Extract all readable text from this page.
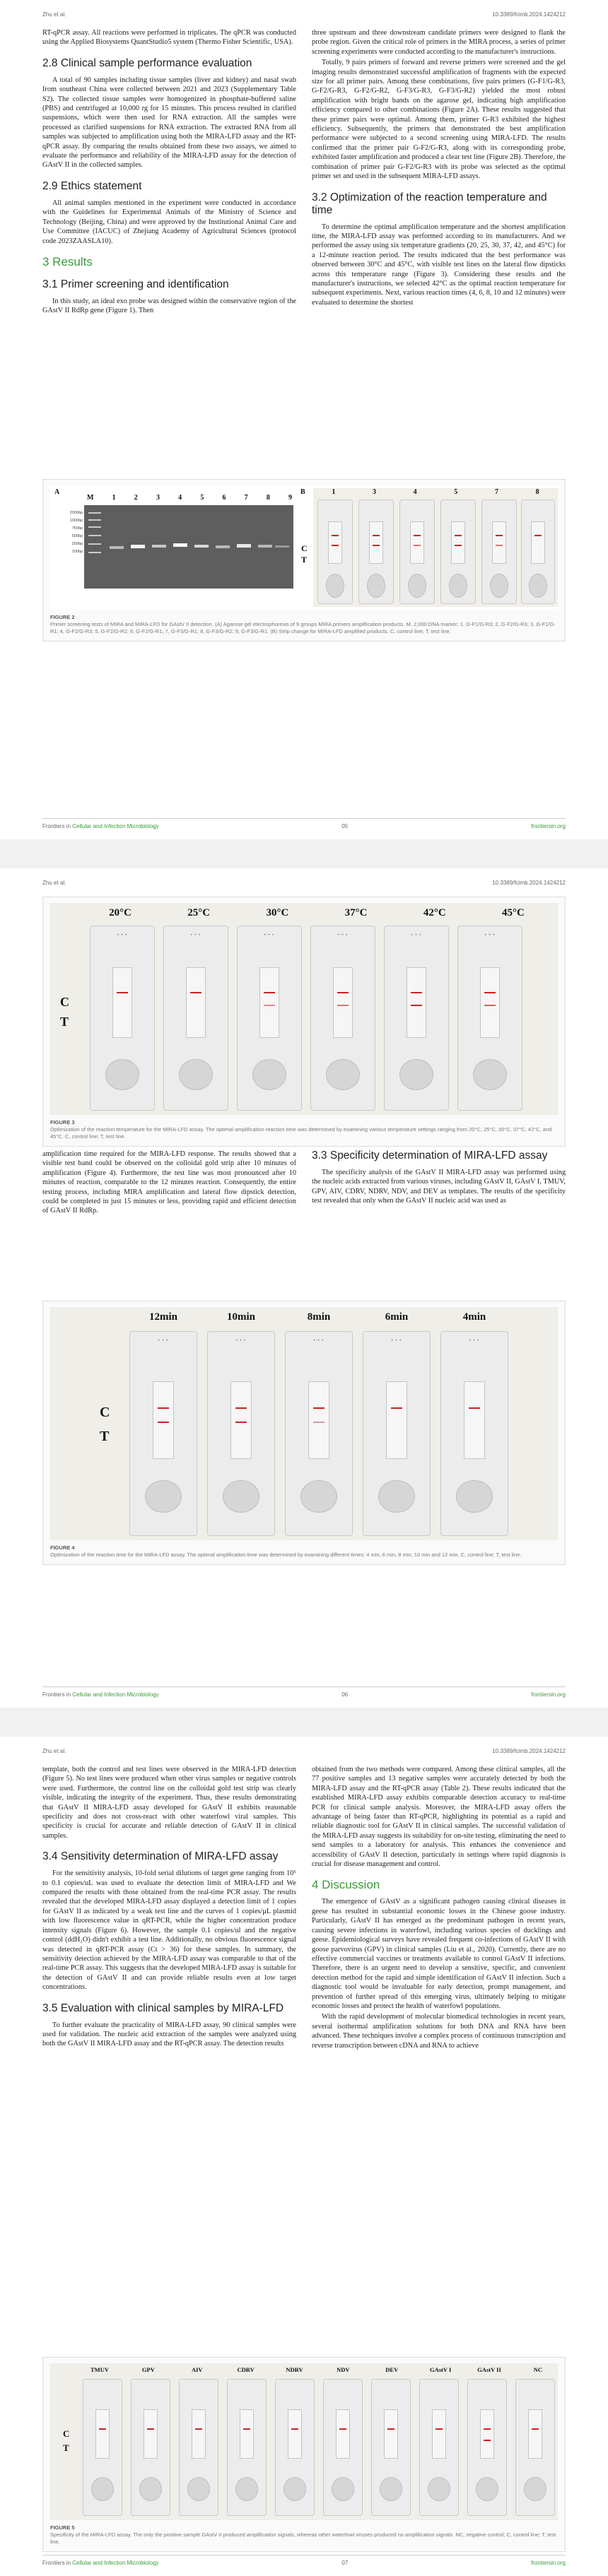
Zhu et al.	10.3389/fcimb.2024.1424212

RT-qPCR assay. All reactions were performed in triplicates. The qPCR was conducted using the Applied Biosystems QuantStudio5 system (Thermo Fisher Scientific, USA).

2.8 Clinical sample performance evaluation

A total of 90 samples including tissue samples (liver and kidney) and nasal swab from southeast China were collected between 2021 and 2023 (Supplementary Table S2). The collected tissue samples were homogenized in phosphate-buffered saline (PBS) and centrifuged at 10,000 rg for 15 minutes. This process resulted in clarified suspensions, which were then used for RNA extraction. All the samples were processed as clarified suspensions for RNA extraction. The extracted RNA from all samples was subjected to amplification using both the MIRA-LFD assay and the RT-qPCR assay. By comparing the results obtained from these two assays, we aimed to evaluate the performance and reliability of the MIRA-LFD assay for the detection of GAstV II in the collected samples.

2.9 Ethics statement

All animal samples mentioned in the experiment were conducted in accordance with the Guidelines for Experimental Animals of the Ministry of Science and Technology (Beijing, China) and were approved by the Institutional Animal Care and Use Committee (IACUC) of Zhejiang Academy of Agricultural Sciences (protocol code 2023ZAASLA10).

3 Results
3.1 Primer screening and identification

In this study, an ideal exo probe was designed within the conservative region of the GAstV II RdRp gene (Figure 1). Then

three upstream and three downstream candidate primers were designed to flank the probe region. Given the critical role of primers in the MIRA process, a series of primer screening experiments were conducted according to the manufacturer's instructions.

Totally, 9 pairs primers of forward and reverse primers were screened and the gel imaging results demonstrated successful amplification of fragments with the expected size for all primer pairs. Among these combinations, five pairs primers (G-F1/G-R3, G-F2/G-R3, G-F2/G-R2, G-F3/G-R3, G-F3/G-R2) yielded the most robust amplification with bright bands on the agarose gel, indicating high amplification efficiency compared to other combinations (Figure 2A). These results suggested that these primer pairs were optimal. Among them, primer G-R3 exhibited the highest efficiency. Subsequently, the primers that demonstrated the best amplification performance were subjected to a second screening using MIRA-LFD. The results confirmed that the primer pair G-F2/G-R3, along with its corresponding probe, exhibited faster amplification and produced a clear test line (Figure 2B). Therefore, the combination of primer pair G-F2/G-R3 with its probe was selected as the optimal primer set and used in the subsequent MIRA-LFD assays.

3.2 Optimization of the reaction temperature and time

To determine the optimal amplification temperature and the shortest amplification time, the MIRA-LFD assay was performed according to its manufacturers. And we performed the assay using six temperature gradients (20, 25, 30, 37, 42, and 45°C) for a 12-minute reaction period. The results indicated that the best performance was observed between 30°C and 45°C, with visible test lines on the lateral flow dipsticks across this temperature range (Figure 3). Considering these results and the manufacturer's instructions, we selected 42°C as the optimal reaction temperature for subsequent experiments. Next, various reaction times (4, 6, 8, 10 and 12 minutes) were evaluated to determine the shortest

A	B
M	1	2	3	4	5	6	7	8	9
2000bp
1000bp
750bp
500bp
250bp
100bp	C
T
1	3	4	5	7	8
FIGURE 2
Primer screening tests of MIRA and MIRA-LFD for GAstV II detection. (A) Agarose gel electrophoresis of 9 groups MIRA primers amplification products. M, 2,000 DNA marker; 1, G-F1/G-R3; 2, G-F2/G-R3; 3, G-F1/G-R1; 4, G-F2/G-R3; 5, G-F2/G-R2; 6, G-F2/G-R1; 7, G-F3/G-R1; 8, G-F3/G-R2; 9, G-F3/G-R1. (B) Strip change for MIRA-LFD amplified products. C, control line; T, test line.
Frontiers in Cellular and Infection Microbiology	05	frontiersin.org
Zhu et al.	10.3389/fcimb.2024.1424212
C
T
20°C	25°C	30°C	37°C	42°C	45°C
• • •	• • •	• • •	• • •	• • •	• • •
FIGURE 3
Optimization of the reaction temperature for the MIRA-LFD assay. The optimal amplification reaction time was determined by examining various temperature settings ranging from 20°C, 25°C, 30°C, 37°C, 42°C, and 45°C. C, control line; T, test line.

amplification time required for the MIRA-LFD response. The results showed that a visible test band could be observed on the colloidal gold strip after 10 minutes of amplification (Figure 4). Furthermore, the test line was most pronounced after 10 minutes of reaction, comparable to the 12 minutes reaction. Consequently, the entire testing process, including MIRA amplification and lateral flow dipstick detection, could be completed in just 15 minutes or less, providing rapid and efficient detection of GAstV II RdRp.

3.3 Specificity determination of MIRA-LFD assay

The specificity analysis of the GAstV II MIRA-LFD assay was performed using the nucleic acids extracted from various viruses, including GAstV II, GAstV I, TMUV, GPV, AIV, CDRV, NDRV, NDV, and DEV as templates. The results of the specificity test revealed that only when the GAstV II nucleic acid was used as

C
T
12min	10min	8min	6min	4min
• • •	• • •	• • •	• • •	• • •
FIGURE 4
Optimization of the reaction time for the MIRA-LFD assay. The optimal amplification time was determined by examining different times: 4 min, 6 min, 8 min, 10 min and 12 min. C, control line; T, test line.
Frontiers in Cellular and Infection Microbiology	06	frontiersin.org
Zhu et al.	10.3389/fcimb.2024.1424212

template, both the control and test lines were observed in the MIRA-LFD detection (Figure 5). No test lines were produced when other virus samples or negative controls were used. Furthermore, the control line on the colloidal gold test strip was clearly visible, indicating the integrity of the experiment. Thus, these results demonstrating that GAstV II MIRA-LFD assay developed for GAstV II exhibits reasonable specificity and does not cross-react with other waterfowl viral samples. This specificity is crucial for accurate and reliable detection of GAstV II in clinical samples.

3.4 Sensitivity determination of MIRA-LFD assay

For the sensitivity analysis, 10-fold serial dilutions of target gene ranging from 10⁶ to 0.1 copies/uL was used to evaluate the detection limit of MIRA-LFD and We compared the results with those obtained from the real-time PCR assay. The results revealed that the developed MIRA-LFD assay displayed a detection limit of 1 copies for GAstV II as indicated by a weak test line and the curves of 1 copies/μL plasmid with low fluorescence value in qRT-PCR, while the higher concentration produce intensity signals (Figure 6). However, the sample 0.1 copies/ul and the negative control (ddH₂O) didn't exhibit a test line. Additionally, no obvious fluorescence signal was detected in qRT-PCR assay (Ct > 36) for these samples. In summary, the sensitivity detection achieved by the MIRA-LFD assay was comparable to that of the real-time PCR assay. This suggests that the developed MIRA-LFD assay is suitable for the detection of GAstV II and can provide reliable results even at low target concentrations.

3.5 Evaluation with clinical samples by MIRA-LFD

To further evaluate the practicality of MIRA-LFD assay, 90 clinical samples were used for validation. The nucleic acid extraction of the samples were analyzed using both the GAstV II MIRA-LFD assay and the RT-qPCR assay. The detection results

obtained from the two methods were compared. Among these clinical samples, all the 77 positive samples and 13 negative samples were accurately detected by both the MIRA-LFD assay and the RT-qPCR assay (Table 2). These results indicated that the established MIRA-LFD assay exhibits comparable detection accuracy to real-time PCR for clinical sample analysis. Moreover, the MIRA-LFD assay offers the advantage of being faster than RT-qPCR, highlighting its potential as a rapid and reliable diagnostic tool for GAstV II in clinical samples. The successful validation of the MIRA-LFD assay suggests its suitability for on-site testing, eliminating the need to send samples to a laboratory for analysis. This enhances the convenience and accessibility of GAstV II detection, particularly in settings where rapid diagnosis is crucial for disease management and control.

4 Discussion

The emergence of GAstV as a significant pathogen causing clinical diseases in geese has resulted in substantial economic losses in the Chinese goose industry. Particularly, GAstV II has emerged as the predominant pathogen in recent years, causing severe infections in waterfowl, including various species of ducklings and geese. Epidemiological surveys have revealed frequent co-infections of GAstV II with goose parvovirus (GPV) in clinical samples (Liu et al., 2020). Currently, there are no effective commercial vaccines or treatments available to control GAstV II infections. Therefore, there is an urgent need to develop a sensitive, specific, and convenient detection method for the rapid and simple identification of GAstV II infection. Such a diagnostic tool would be invaluable for early detection, prompt management, and prevention of further spread of this emerging virus, ultimately helping to mitigate economic losses and protect the health of waterfowl populations.

With the rapid development of molecular biomedical technologies in recent years, several isothermal amplification solutions for both DNA and RNA have been advanced. These techniques involve a complex process of continuous transcription and reverse transcription between cDNA and RNA to achieve

C
T
TMUV	GPV	AIV	CDRV	NDRV	NDV	DEV	GAstV I	GAstV II	NC
FIGURE 5
Specificity of the MIRA-LFD assay. The only the positive sample GAstV II produced amplification signals, whereas other waterfowl viruses produced no amplification signals. NC, negative control; C, control line; T, test line.
Frontiers in Cellular and Infection Microbiology	07	frontiersin.org
